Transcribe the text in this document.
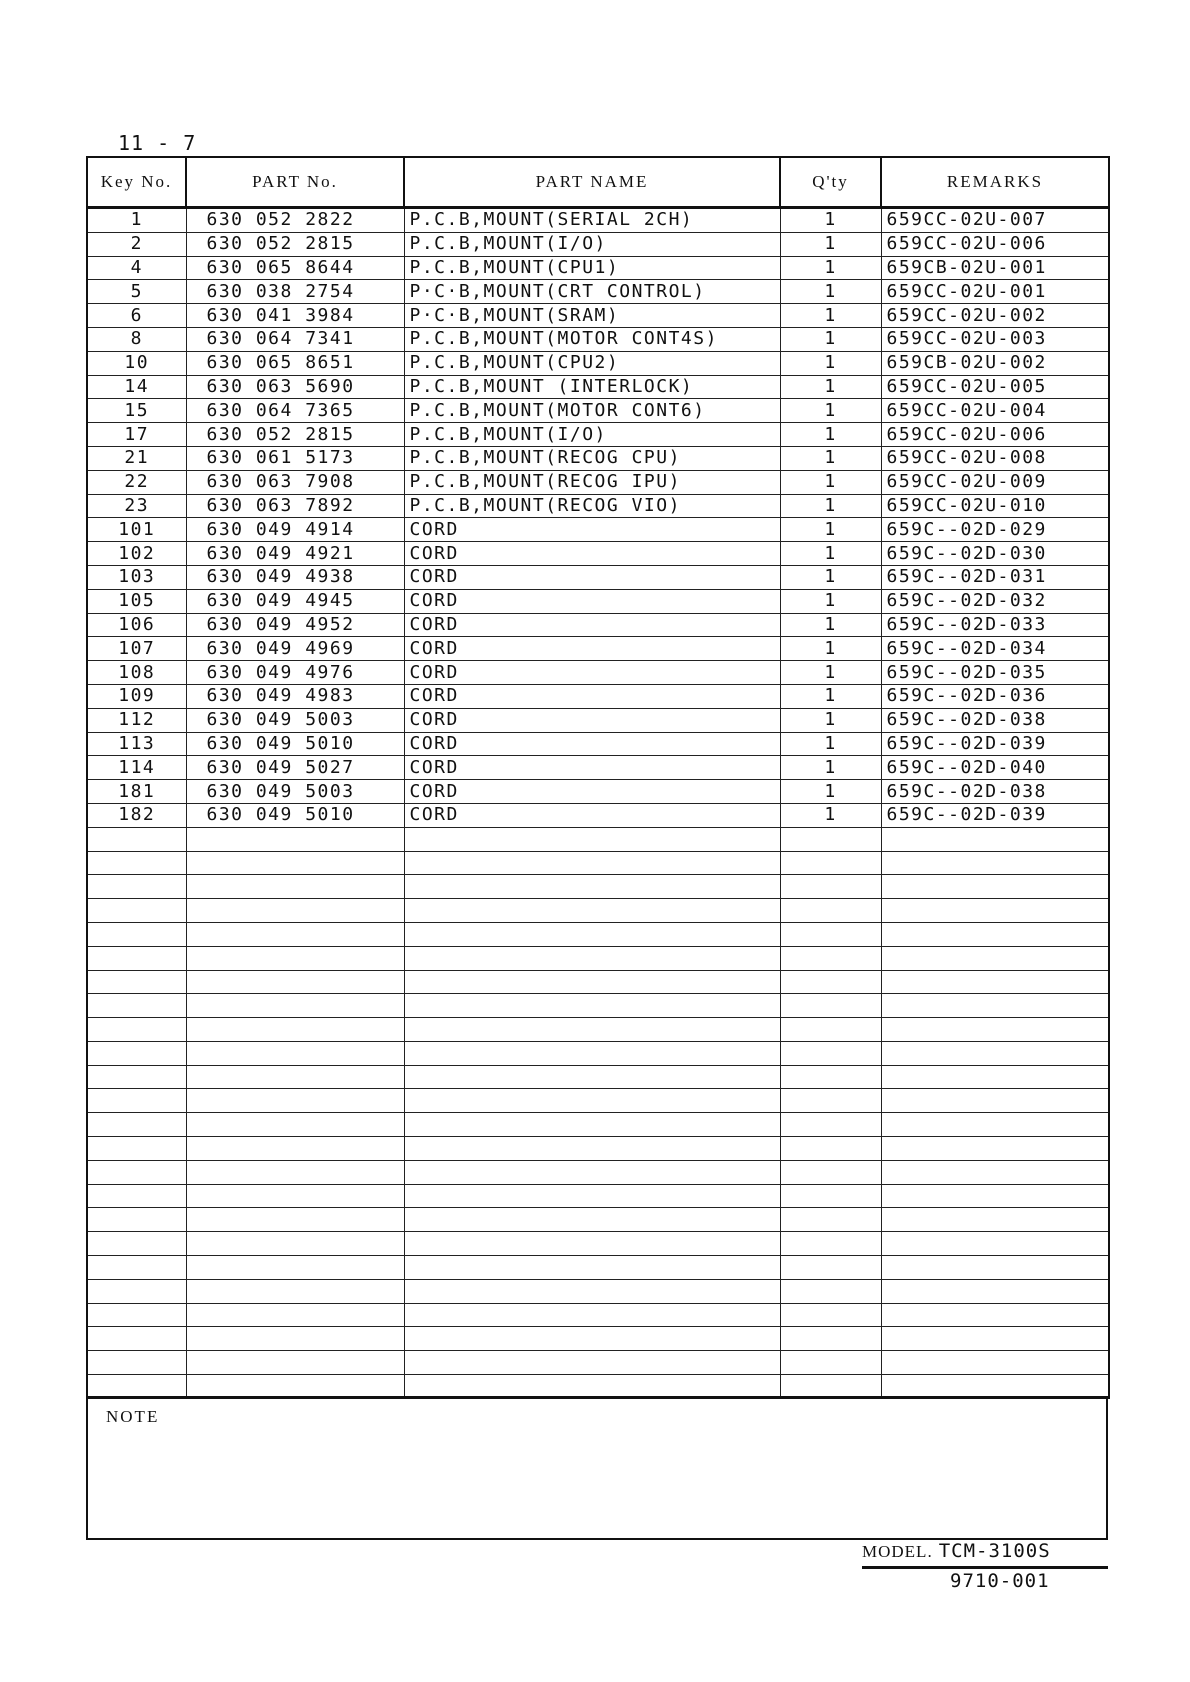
11 - 7
Key No.	PART No.	PART NAME	Q'ty	REMARKS
1	630 052 2822	P.C.B,MOUNT(SERIAL 2CH)	1	659CC-02U-007
2	630 052 2815	P.C.B,MOUNT(I/O)	1	659CC-02U-006
4	630 065 8644	P.C.B,MOUNT(CPU1)	1	659CB-02U-001
5	630 038 2754	P·C·B,MOUNT(CRT CONTROL)	1	659CC-02U-001
6	630 041 3984	P·C·B,MOUNT(SRAM)	1	659CC-02U-002
8	630 064 7341	P.C.B,MOUNT(MOTOR CONT4S)	1	659CC-02U-003
10	630 065 8651	P.C.B,MOUNT(CPU2)	1	659CB-02U-002
14	630 063 5690	P.C.B,MOUNT (INTERLOCK)	1	659CC-02U-005
15	630 064 7365	P.C.B,MOUNT(MOTOR CONT6)	1	659CC-02U-004
17	630 052 2815	P.C.B,MOUNT(I/O)	1	659CC-02U-006
21	630 061 5173	P.C.B,MOUNT(RECOG CPU)	1	659CC-02U-008
22	630 063 7908	P.C.B,MOUNT(RECOG IPU)	1	659CC-02U-009
23	630 063 7892	P.C.B,MOUNT(RECOG VIO)	1	659CC-02U-010
101	630 049 4914	CORD	1	659C--02D-029
102	630 049 4921	CORD	1	659C--02D-030
103	630 049 4938	CORD	1	659C--02D-031
105	630 049 4945	CORD	1	659C--02D-032
106	630 049 4952	CORD	1	659C--02D-033
107	630 049 4969	CORD	1	659C--02D-034
108	630 049 4976	CORD	1	659C--02D-035
109	630 049 4983	CORD	1	659C--02D-036
112	630 049 5003	CORD	1	659C--02D-038
113	630 049 5010	CORD	1	659C--02D-039
114	630 049 5027	CORD	1	659C--02D-040
181	630 049 5003	CORD	1	659C--02D-038
182	630 049 5010	CORD	1	659C--02D-039

NOTE
MODEL. TCM-3100S
9710-001
